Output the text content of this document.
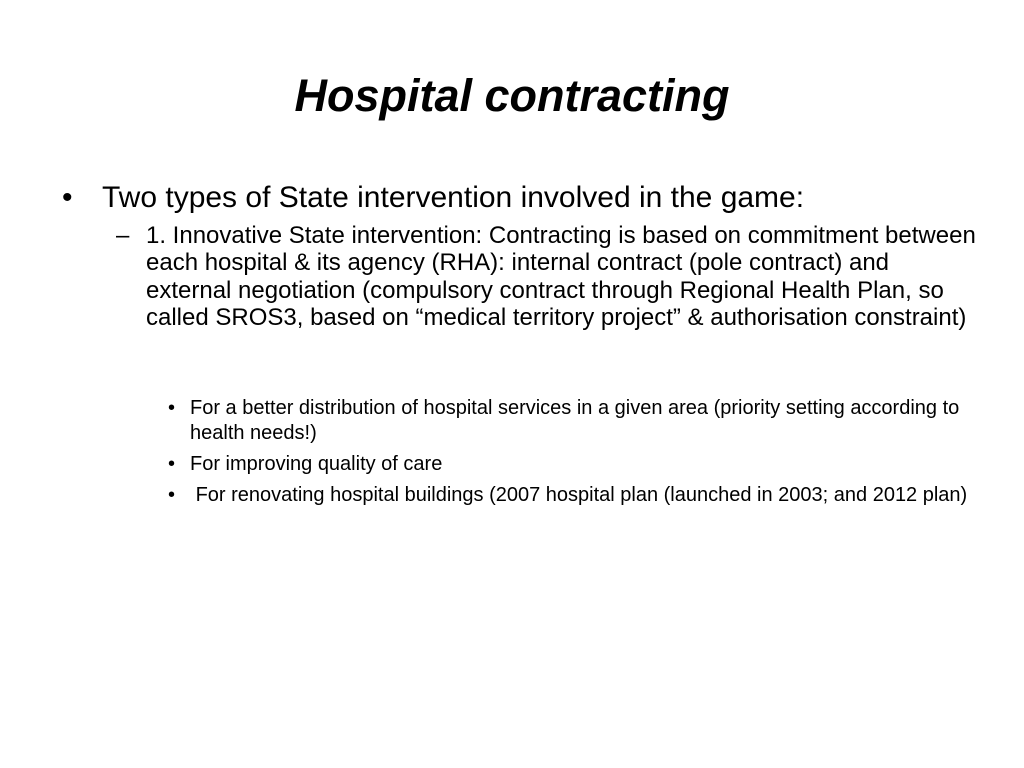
Hospital contracting
• Two types of State intervention involved in the game:
– 1. Innovative State intervention: Contracting is based on commitment between each hospital & its agency (RHA): internal contract (pole contract) and external negotiation (compulsory contract through Regional Health Plan, so called SROS3, based on “medical territory project” & authorisation constraint)
• For a better distribution of hospital services in a given area (priority setting according to health needs!)
• For improving quality of care
• For renovating hospital buildings (2007 hospital plan (launched in 2003; and 2012 plan)
